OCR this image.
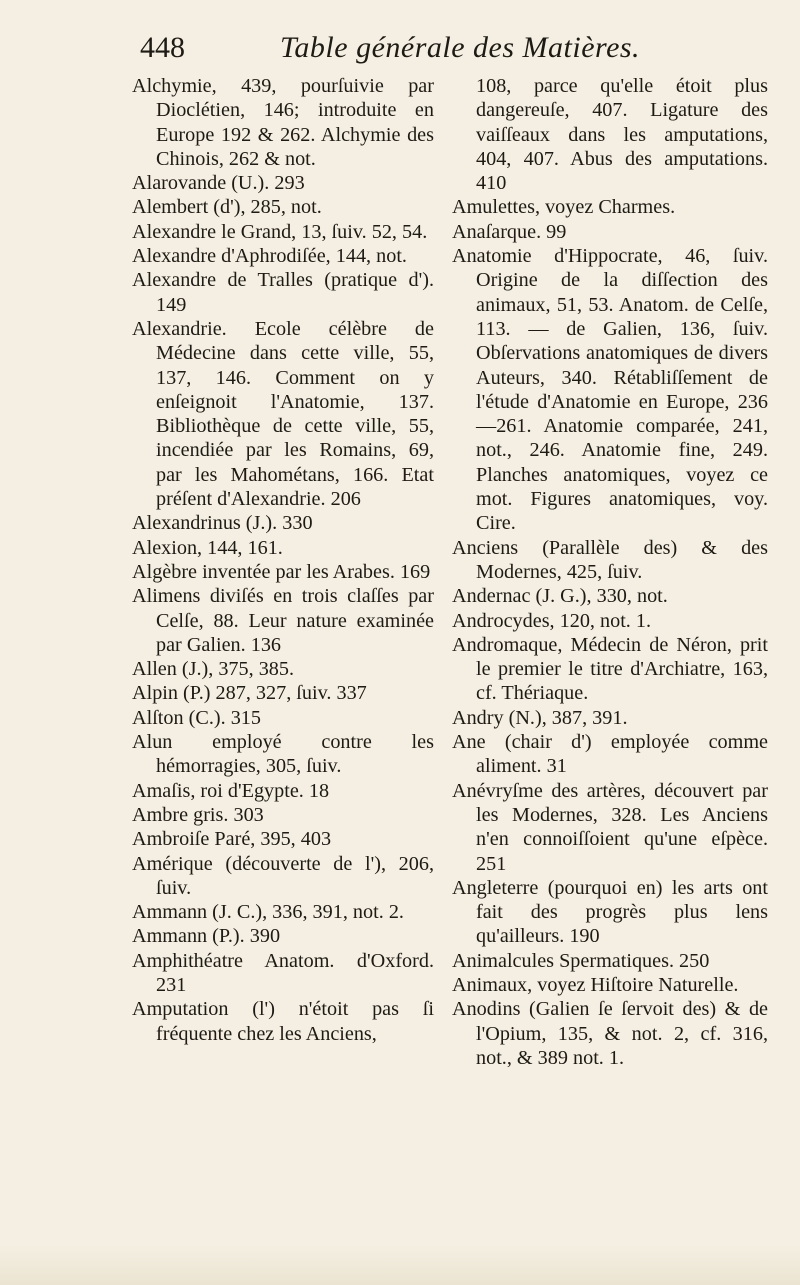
448	Table générale des Matières.

Alchymie, 439, pourſuivie par Dioclétien, 146; introduite en Europe 192 & 262. Alchymie des Chinois, 262 & not.

Alarovande (U.). 293

Alembert (d'), 285, not.

Alexandre le Grand, 13, ſuiv. 52, 54.

Alexandre d'Aphrodiſée, 144, not.

Alexandre de Tralles (pratique d'). 149

Alexandrie. Ecole célèbre de Médecine dans cette ville, 55, 137, 146. Comment on y enſeignoit l'Anatomie, 137. Bibliothèque de cette ville, 55, incendiée par les Romains, 69, par les Mahométans, 166. Etat préſent d'Alexandrie. 206

Alexandrinus (J.). 330

Alexion, 144, 161.

Algèbre inventée par les Arabes. 169

Alimens diviſés en trois claſſes par Celſe, 88. Leur nature examinée par Galien. 136

Allen (J.), 375, 385.

Alpin (P.) 287, 327, ſuiv. 337

Alſton (C.). 315

Alun employé contre les hémorragies, 305, ſuiv.

Amaſis, roi d'Egypte. 18

Ambre gris. 303

Ambroiſe Paré, 395, 403

Amérique (découverte de l'), 206, ſuiv.

Ammann (J. C.), 336, 391, not. 2.

Ammann (P.). 390

Amphithéatre Anatom. d'Oxford. 231

Amputation (l') n'étoit pas ſi fréquente chez les Anciens,

108, parce qu'elle étoit plus dangereuſe, 407. Ligature des vaiſſeaux dans les amputations, 404, 407. Abus des amputations. 410

Amulettes, voyez Charmes.

Anaſarque. 99

Anatomie d'Hippocrate, 46, ſuiv. Origine de la diſſection des animaux, 51, 53. Anatom. de Celſe, 113. — de Galien, 136, ſuiv. Obſervations anatomiques de divers Auteurs, 340. Rétabliſſement de l'étude d'Anatomie en Europe, 236—261. Anatomie comparée, 241, not., 246. Anatomie fine, 249. Planches anatomiques, voyez ce mot. Figures anatomiques, voy. Cire.

Anciens (Parallèle des) & des Modernes, 425, ſuiv.

Andernac (J. G.), 330, not.

Androcydes, 120, not. 1.

Andromaque, Médecin de Néron, prit le premier le titre d'Archiatre, 163, cf. Thériaque.

Andry (N.), 387, 391.

Ane (chair d') employée comme aliment. 31

Anévryſme des artères, découvert par les Modernes, 328. Les Anciens n'en connoiſſoient qu'une eſpèce. 251

Angleterre (pourquoi en) les arts ont fait des progrès plus lens qu'ailleurs. 190

Animalcules Spermatiques. 250

Animaux, voyez Hiſtoire Naturelle.

Anodins (Galien ſe ſervoit des) & de l'Opium, 135, & not. 2, cf. 316, not., & 389 not. 1.
